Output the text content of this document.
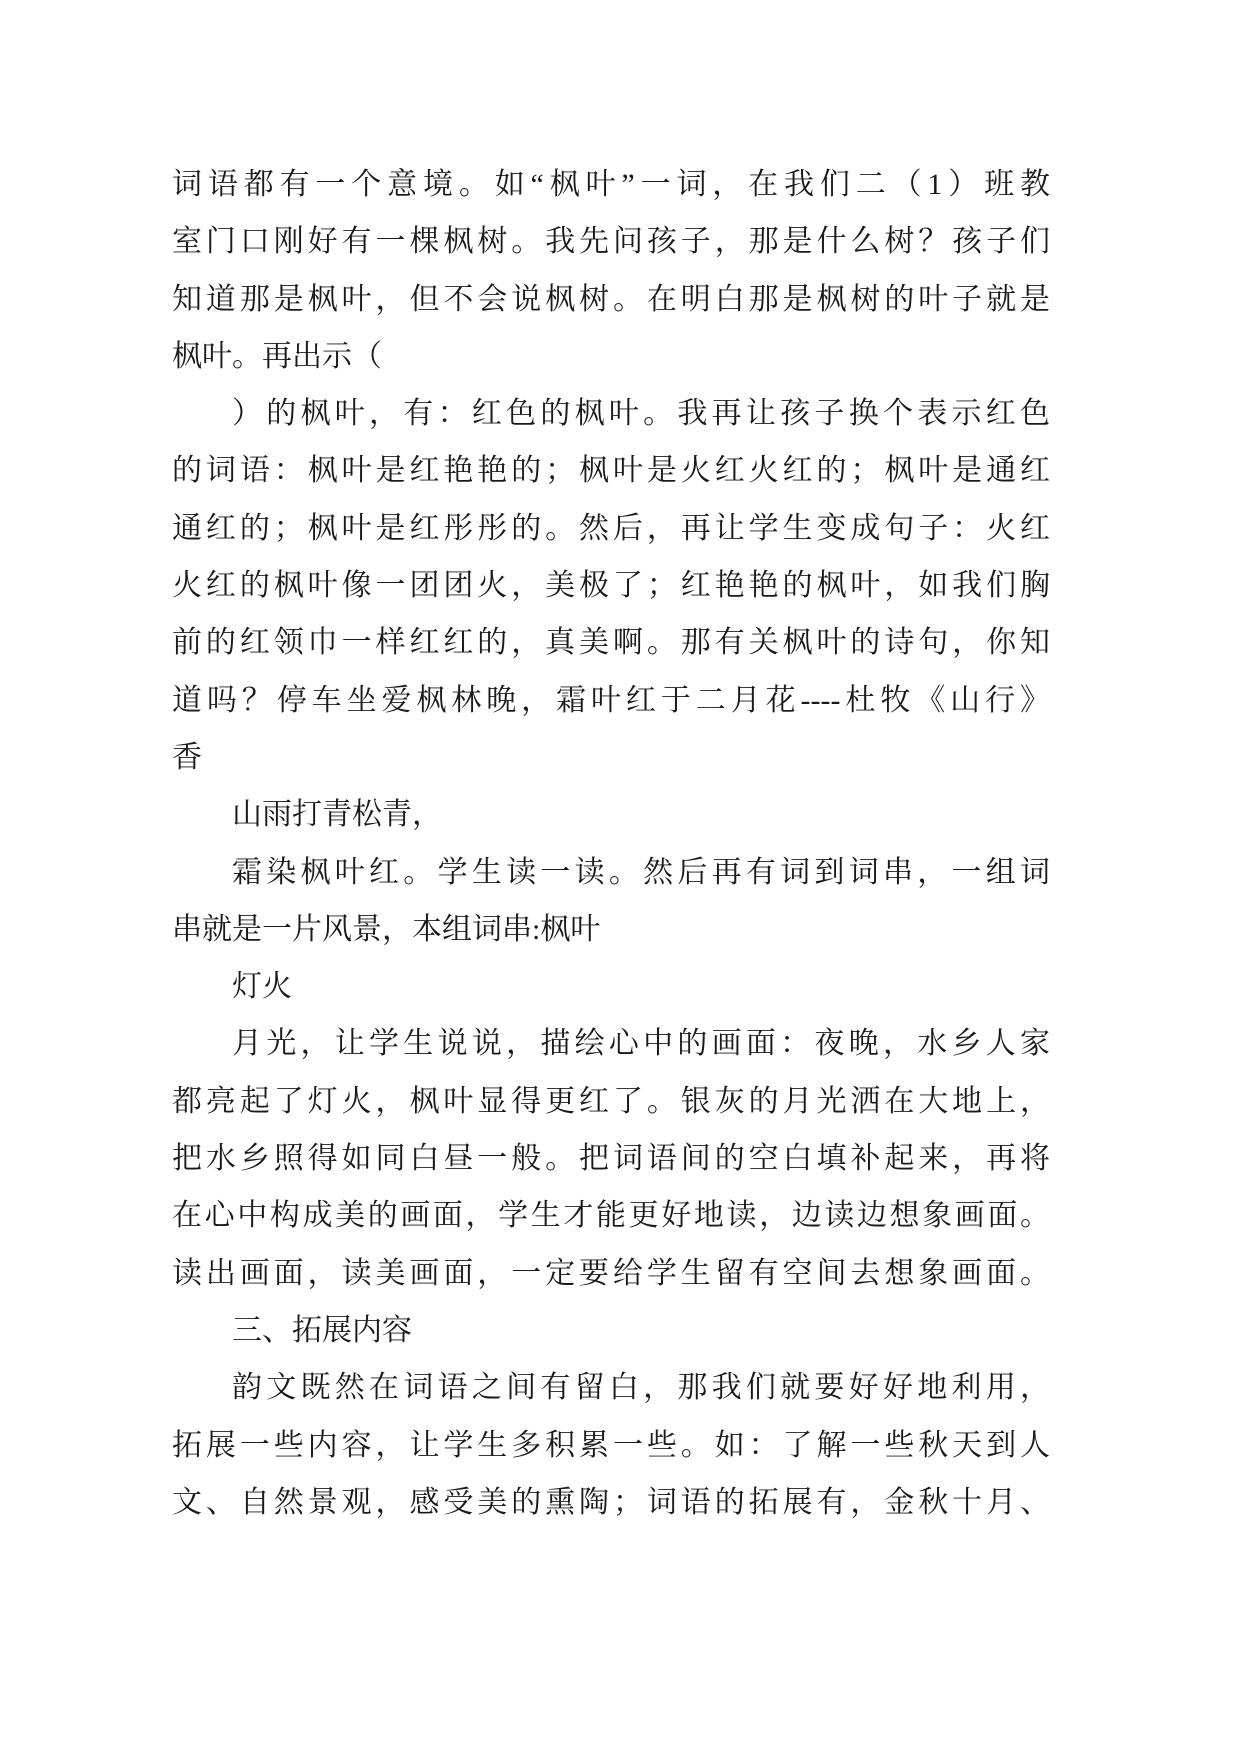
词语都有一个意境。如“枫叶”一词，在我们二（1）班教
室门口刚好有一棵枫树。我先问孩子，那是什么树？孩子们
知道那是枫叶，但不会说枫树。在明白那是枫树的叶子就是
枫叶。再出示（
）的枫叶，有：红色的枫叶。我再让孩子换个表示红色
的词语：枫叶是红艳艳的；枫叶是火红火红的；枫叶是通红
通红的；枫叶是红彤彤的。然后，再让学生变成句子：火红
火红的枫叶像一团团火，美极了；红艳艳的枫叶，如我们胸
前的红领巾一样红红的，真美啊。那有关枫叶的诗句，你知
道吗？停车坐爱枫林晚，霜叶红于二月花----杜牧《山行》
香
山雨打青松青，
霜染枫叶红。学生读一读。然后再有词到词串，一组词
串就是一片风景，本组词串:枫叶
灯火
月光，让学生说说，描绘心中的画面：夜晚，水乡人家
都亮起了灯火，枫叶显得更红了。银灰的月光洒在大地上，
把水乡照得如同白昼一般。把词语间的空白填补起来，再将
在心中构成美的画面，学生才能更好地读，边读边想象画面。
读出画面，读美画面，一定要给学生留有空间去想象画面。
三、拓展内容
韵文既然在词语之间有留白，那我们就要好好地利用，
拓展一些内容，让学生多积累一些。如：了解一些秋天到人
文、自然景观，感受美的熏陶；词语的拓展有，金秋十月、
